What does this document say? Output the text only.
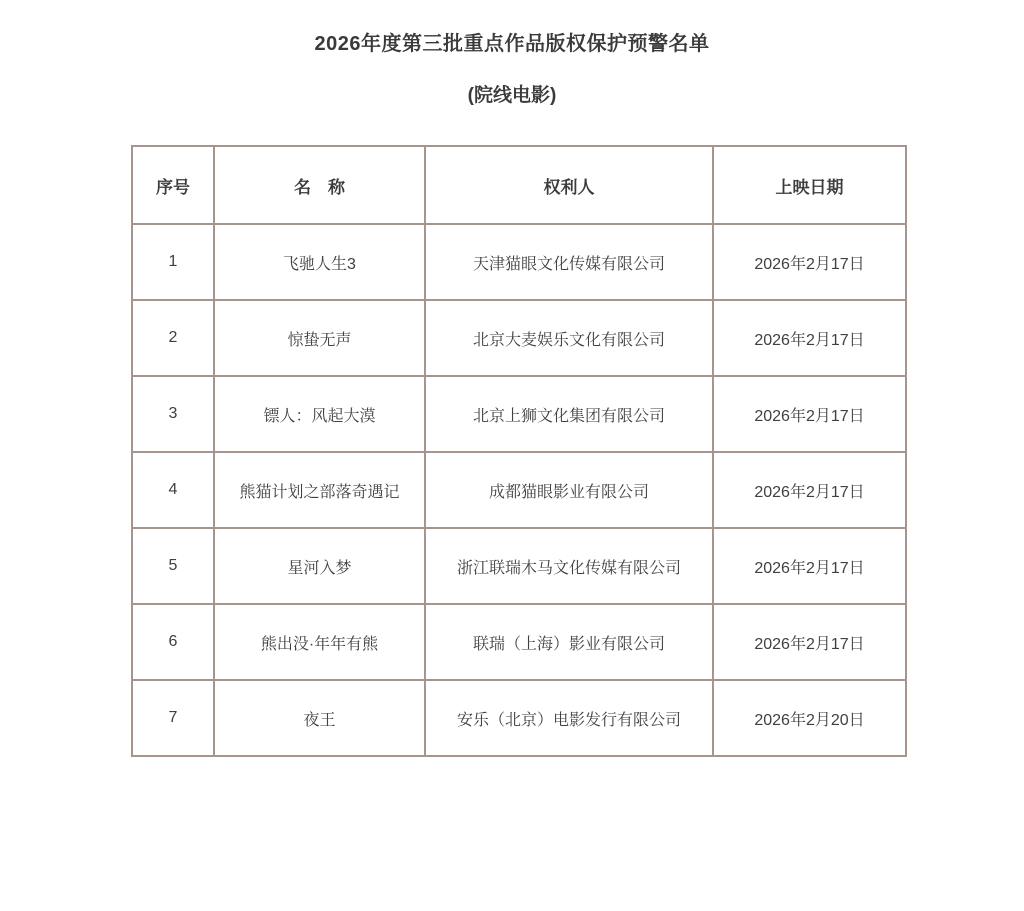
2026年度第三批重点作品版权保护预警名单
(院线电影)
序号	名　称	权利人	上映日期
1	飞驰人生3	天津猫眼文化传媒有限公司	2026年2月17日
2	惊蛰无声	北京大麦娱乐文化有限公司	2026年2月17日
3	镖人：风起大漠	北京上狮文化集团有限公司	2026年2月17日
4	熊猫计划之部落奇遇记	成都猫眼影业有限公司	2026年2月17日
5	星河入梦	浙江联瑞木马文化传媒有限公司	2026年2月17日
6	熊出没·年年有熊	联瑞（上海）影业有限公司	2026年2月17日
7	夜王	安乐（北京）电影发行有限公司	2026年2月20日
